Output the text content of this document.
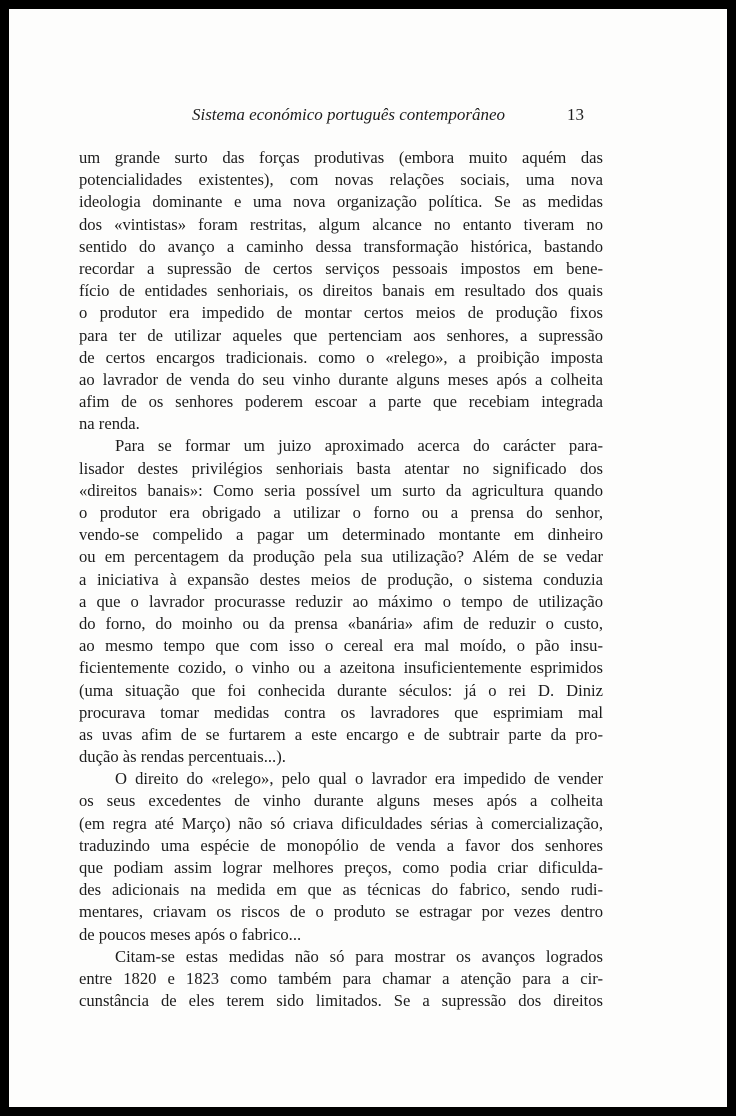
Sistema económico português contemporâneo	13

um grande surto das forças produtivas (embora muito aquém das
potencialidades existentes), com novas relações sociais, uma nova
ideologia dominante e uma nova organização política. Se as medidas
dos «vintistas» foram restritas, algum alcance no entanto tiveram no
sentido do avanço a caminho dessa transformação histórica, bastando
recordar a supressão de certos serviços pessoais impostos em bene-
fício de entidades senhoriais, os direitos banais em resultado dos quais
o produtor era impedido de montar certos meios de produção fixos
para ter de utilizar aqueles que pertenciam aos senhores, a supressão
de certos encargos tradicionais. como o «relego», a proibição imposta
ao lavrador de venda do seu vinho durante alguns meses após a colheita
afim de os senhores poderem escoar a parte que recebiam integrada
na renda.

Para se formar um juizo aproximado acerca do carácter para-
lisador destes privilégios senhoriais basta atentar no significado dos
«direitos banais»: Como seria possível um surto da agricultura quando
o produtor era obrigado a utilizar o forno ou a prensa do senhor,
vendo-se compelido a pagar um determinado montante em dinheiro
ou em percentagem da produção pela sua utilização? Além de se vedar
a iniciativa à expansão destes meios de produção, o sistema conduzia
a que o lavrador procurasse reduzir ao máximo o tempo de utilização
do forno, do moinho ou da prensa «banária» afim de reduzir o custo,
ao mesmo tempo que com isso o cereal era mal moído, o pão insu-
ficientemente cozido, o vinho ou a azeitona insuficientemente esprimidos
(uma situação que foi conhecida durante séculos: já o rei D. Diniz
procurava tomar medidas contra os lavradores que esprimiam mal
as uvas afim de se furtarem a este encargo e de subtrair parte da pro-
dução às rendas percentuais...).

O direito do «relego», pelo qual o lavrador era impedido de vender
os seus excedentes de vinho durante alguns meses após a colheita
(em regra até Março) não só criava dificuldades sérias à comercialização,
traduzindo uma espécie de monopólio de venda a favor dos senhores
que podiam assim lograr melhores preços, como podia criar dificulda-
des adicionais na medida em que as técnicas do fabrico, sendo rudi-
mentares, criavam os riscos de o produto se estragar por vezes dentro
de poucos meses após o fabrico...

Citam-se estas medidas não só para mostrar os avanços logrados
entre 1820 e 1823 como também para chamar a atenção para a cir-
cunstância de eles terem sido limitados. Se a supressão dos direitos
